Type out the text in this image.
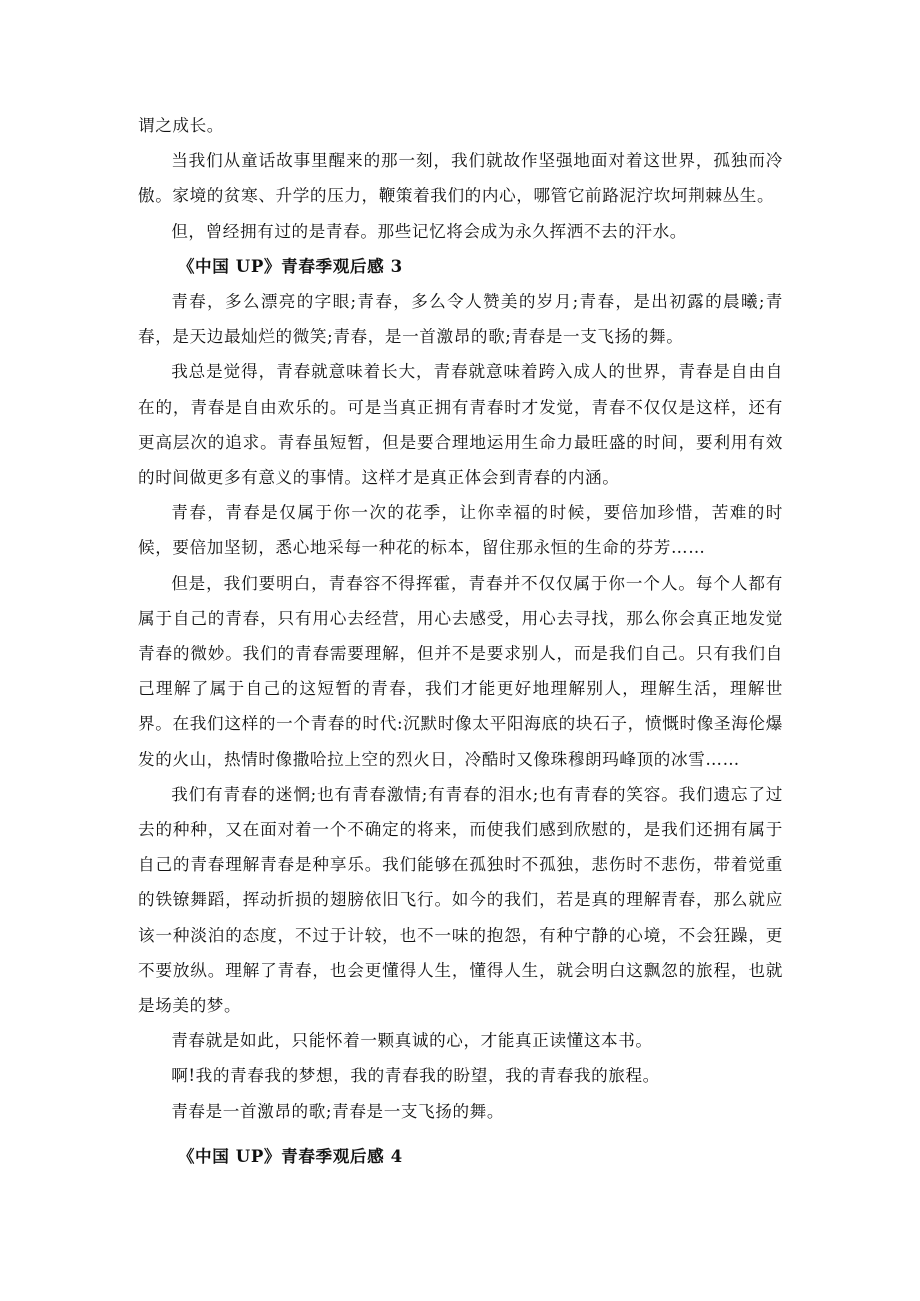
谓之成长。

当我们从童话故事里醒来的那一刻，我们就故作坚强地面对着这世界，孤独而冷傲。家境的贫寒、升学的压力，鞭策着我们的内心，哪管它前路泥泞坎坷荆棘丛生。

但，曾经拥有过的是青春。那些记忆将会成为永久挥洒不去的汗水。

《中国 UP》青春季观后感 3

青春，多么漂亮的字眼;青春，多么令人赞美的岁月;青春，是出初露的晨曦;青春，是天边最灿烂的微笑;青春，是一首激昂的歌;青春是一支飞扬的舞。

我总是觉得，青春就意味着长大，青春就意味着跨入成人的世界，青春是自由自在的，青春是自由欢乐的。可是当真正拥有青春时才发觉，青春不仅仅是这样，还有更高层次的追求。青春虽短暂，但是要合理地运用生命力最旺盛的时间，要利用有效的时间做更多有意义的事情。这样才是真正体会到青春的内涵。

青春，青春是仅属于你一次的花季，让你幸福的时候，要倍加珍惜，苦难的时候，要倍加坚韧，悉心地采每一种花的标本，留住那永恒的生命的芬芳……

但是，我们要明白，青春容不得挥霍，青春并不仅仅属于你一个人。每个人都有属于自己的青春，只有用心去经营，用心去感受，用心去寻找，那么你会真正地发觉青春的微妙。我们的青春需要理解，但并不是要求别人，而是我们自己。只有我们自己理解了属于自己的这短暂的青春，我们才能更好地理解别人，理解生活，理解世界。在我们这样的一个青春的时代:沉默时像太平阳海底的块石子，愤慨时像圣海伦爆发的火山，热情时像撒哈拉上空的烈火日，冷酷时又像珠穆朗玛峰顶的冰雪……

我们有青春的迷惘;也有青春激情;有青春的泪水;也有青春的笑容。我们遗忘了过去的种种，又在面对着一个不确定的将来，而使我们感到欣慰的，是我们还拥有属于自己的青春理解青春是种享乐。我们能够在孤独时不孤独，悲伤时不悲伤，带着觉重的铁镣舞蹈，挥动折损的翅膀依旧飞行。如今的我们，若是真的理解青春，那么就应该一种淡泊的态度，不过于计较，也不一味的抱怨，有种宁静的心境，不会狂躁，更不要放纵。理解了青春，也会更懂得人生，懂得人生，就会明白这飘忽的旅程，也就是场美的梦。

青春就是如此，只能怀着一颗真诚的心，才能真正读懂这本书。

啊!我的青春我的梦想，我的青春我的盼望，我的青春我的旅程。

青春是一首激昂的歌;青春是一支飞扬的舞。

《中国 UP》青春季观后感 4
